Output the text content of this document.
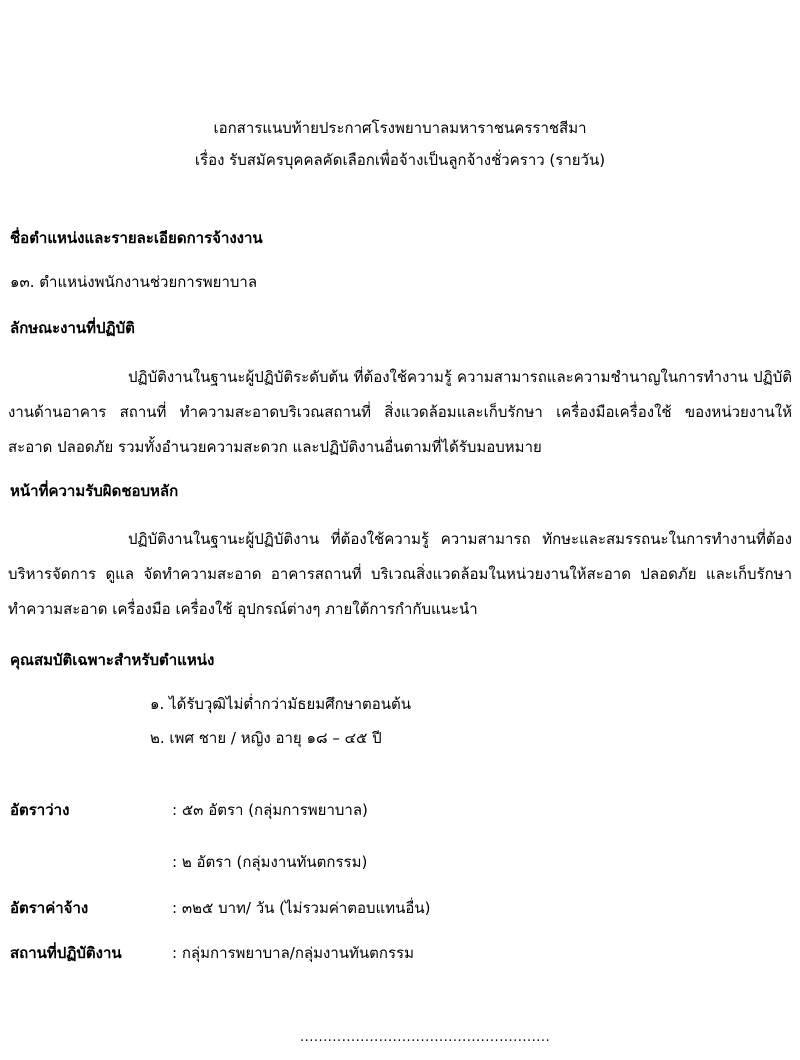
เอกสารแนบท้ายประกาศโรงพยาบาลมหาราชนครราชสีมา
เรื่อง รับสมัครบุคคลคัดเลือกเพื่อจ้างเป็นลูกจ้างชั่วคราว (รายวัน)
ชื่อตำแหน่งและรายละเอียดการจ้างงาน
๑๓. ตำแหน่งพนักงานช่วยการพยาบาล
ลักษณะงานที่ปฏิบัติ
ปฏิบัติงานในฐานะผู้ปฏิบัติระดับต้น ที่ต้องใช้ความรู้ ความสามารถและความชำนาญในการทำงาน ปฏิบัติงานด้านอาคาร สถานที่ ทำความสะอาดบริเวณสถานที่ สิ่งแวดล้อมและเก็บรักษา เครื่องมือเครื่องใช้ ของหน่วยงานให้สะอาด ปลอดภัย รวมทั้งอำนวยความสะดวก และปฏิบัติงานอื่นตามที่ได้รับมอบหมาย
หน้าที่ความรับผิดชอบหลัก
ปฏิบัติงานในฐานะผู้ปฏิบัติงาน ที่ต้องใช้ความรู้ ความสามารถ ทักษะและสมรรถนะในการทำงานที่ต้องบริหารจัดการ ดูแล จัดทำความสะอาด อาคารสถานที่ บริเวณสิ่งแวดล้อมในหน่วยงานให้สะอาด ปลอดภัย และเก็บรักษาทำความสะอาด เครื่องมือ เครื่องใช้ อุปกรณ์ต่างๆ ภายใต้การกำกับแนะนำ
คุณสมบัติเฉพาะสำหรับตำแหน่ง
๑. ได้รับวุฒิไม่ต่ำกว่ามัธยมศึกษาตอนต้น
๒. เพศ ชาย / หญิง อายุ ๑๘ – ๔๕ ปี
อัตราว่าง	: ๕๓ อัตรา (กลุ่มการพยาบาล)
: ๒ อัตรา (กลุ่มงานทันตกรรม)
อัตราค่าจ้าง	: ๓๒๕ บาท/ วัน (ไม่รวมค่าตอบแทนอื่น)
สถานที่ปฏิบัติงาน	: กลุ่มการพยาบาล/กลุ่มงานทันตกรรม
......................................................
